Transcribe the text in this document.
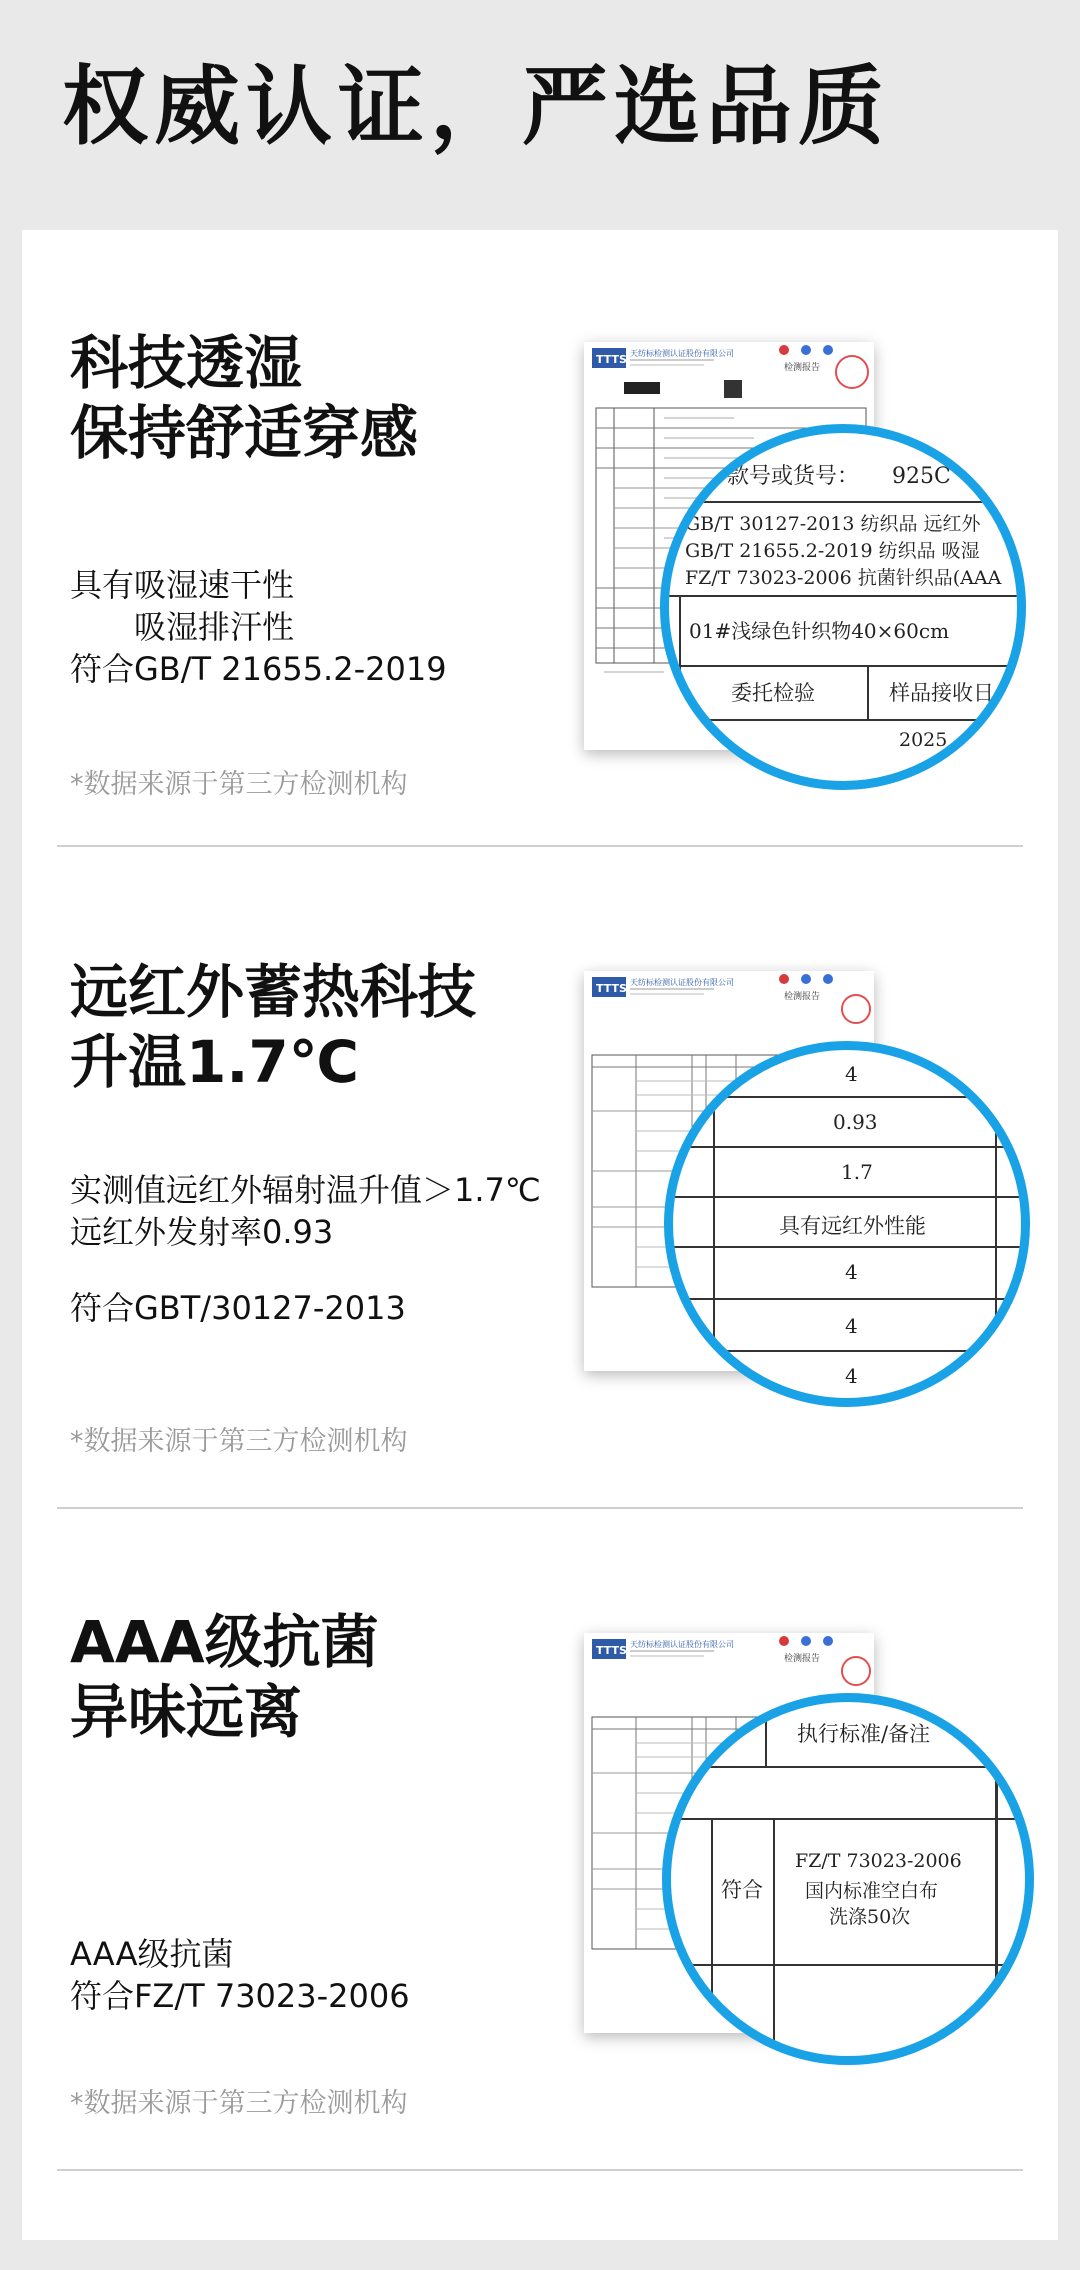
权威认证，严选品质
科技透湿
保持舒适穿感
具有吸湿速干性
　　吸湿排汗性
符合GB/T 21655.2-2019
*数据来源于第三方检测机构
TTTS 天纺标检测认证股份有限公司
检测报告
款号或货号：　　925C
GB/T 30127-2013 纺织品 远红外
GB/T 21655.2-2019 纺织品 吸湿
FZ/T 73023-2006 抗菌针织品(AAA
01#浅绿色针织物40×60cm
委托检验	样品接收日
2025
远红外蓄热科技
升温1.7℃
实测值远红外辐射温升值＞1.7℃
远红外发射率0.93
符合GBT/30127-2013
*数据来源于第三方检测机构
TTTS 天纺标检测认证股份有限公司
检测报告
4
0.93
1.7
具有远红外性能
4
4
4
AAA级抗菌
异味远离
AAA级抗菌
符合FZ/T 73023-2006
*数据来源于第三方检测机构
TTTS 天纺标检测认证股份有限公司
检测报告
执行标准/备注
符合
FZ/T 73023-2006
国内标准空白布
洗涤50次
